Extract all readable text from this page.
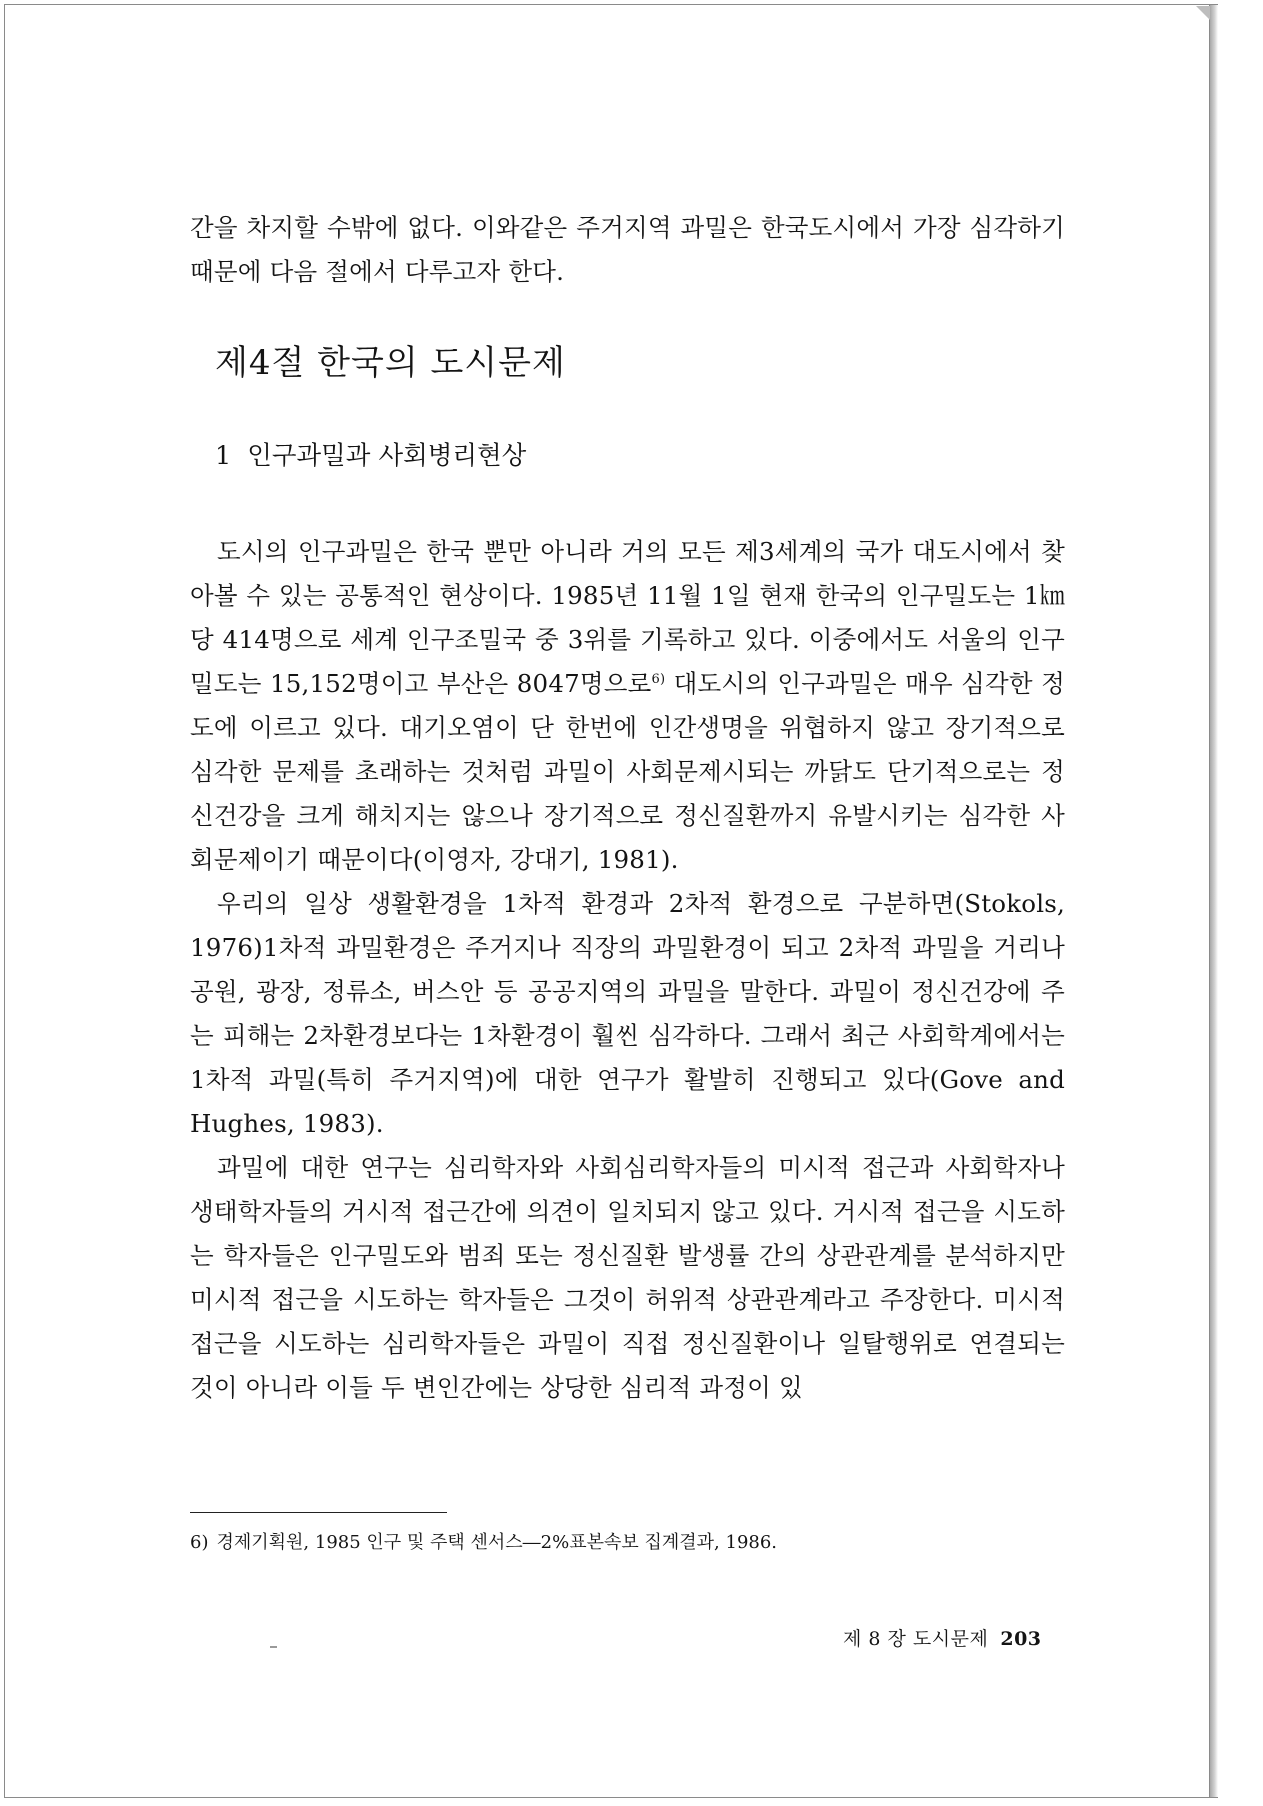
간을 차지할 수밖에 없다. 이와같은 주거지역 과밀은 한국도시에서 가장 심각하기 때문에 다음 절에서 다루고자 한다.

제4절 한국의 도시문제
1 인구과밀과 사회병리현상

도시의 인구과밀은 한국 뿐만 아니라 거의 모든 제3세계의 국가 대도시에서 찾아볼 수 있는 공통적인 현상이다. 1985년 11월 1일 현재 한국의 인구밀도는 1㎞당 414명으로 세계 인구조밀국 중 3위를 기록하고 있다. 이중에서도 서울의 인구밀도는 15,152명이고 부산은 8047명으로$^{6)}$ 대도시의 인구과밀은 매우 심각한 정도에 이르고 있다. 대기오염이 단 한번에 인간생명을 위협하지 않고 장기적으로 심각한 문제를 초래하는 것처럼 과밀이 사회문제시되는 까닭도 단기적으로는 정신건강을 크게 해치지는 않으나 장기적으로 정신질환까지 유발시키는 심각한 사회문제이기 때문이다(이영자, 강대기, 1981).

우리의 일상 생활환경을 1차적 환경과 2차적 환경으로 구분하면(Stokols, 1976)1차적 과밀환경은 주거지나 직장의 과밀환경이 되고 2차적 과밀을 거리나 공원, 광장, 정류소, 버스안 등 공공지역의 과밀을 말한다. 과밀이 정신건강에 주는 피해는 2차환경보다는 1차환경이 훨씬 심각하다. 그래서 최근 사회학계에서는 1차적 과밀(특히 주거지역)에 대한 연구가 활발히 진행되고 있다(Gove and Hughes, 1983).

과밀에 대한 연구는 심리학자와 사회심리학자들의 미시적 접근과 사회학자나 생태학자들의 거시적 접근간에 의견이 일치되지 않고 있다. 거시적 접근을 시도하는 학자들은 인구밀도와 범죄 또는 정신질환 발생률 간의 상관관계를 분석하지만 미시적 접근을 시도하는 학자들은 그것이 허위적 상관관계라고 주장한다. 미시적 접근을 시도하는 심리학자들은 과밀이 직접 정신질환이나 일탈행위로 연결되는 것이 아니라 이들 두 변인간에는 상당한 심리적 과정이 있

6) 경제기획원, 1985 인구 및 주택 센서스―2%표본속보 집계결과, 1986.

제 8 장 도시문제 203
